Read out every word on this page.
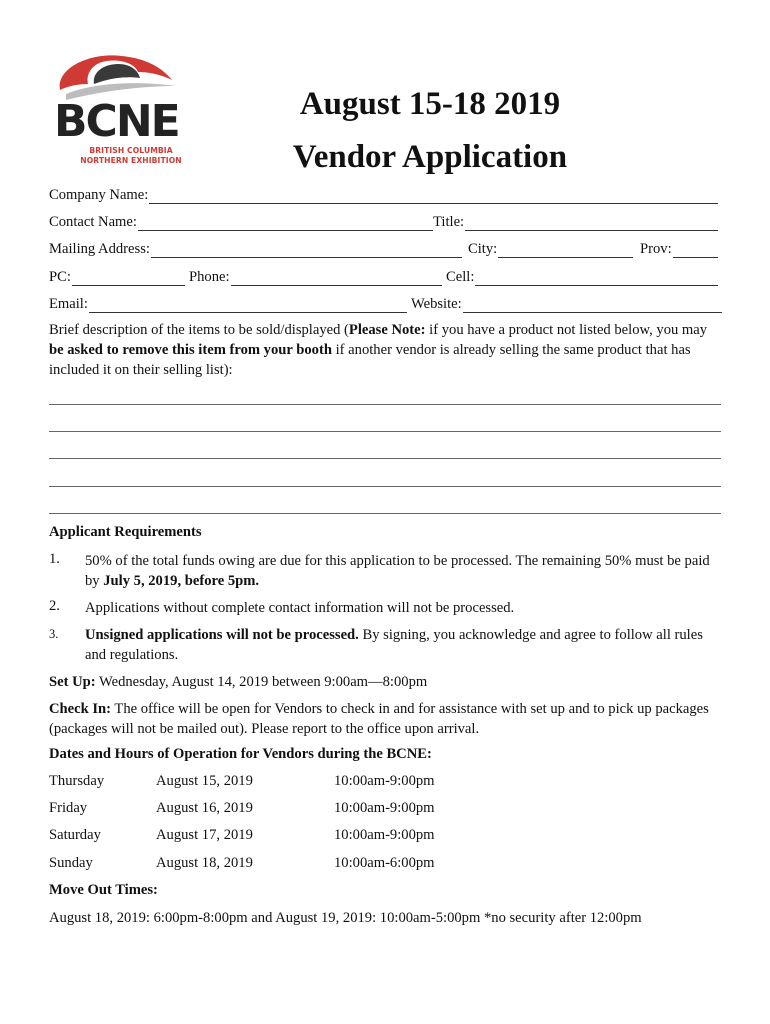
BCNE
BRITISH COLUMBIA
NORTHERN EXHIBITION
August 15-18 2019
Vendor Application
Company Name:
Contact Name:	Title:
Mailing Address:	City:	Prov:
PC:	Phone:	Cell:
Email:	Website:
Brief description of the items to be sold/displayed (Please Note: if you have a product not listed below, you may be asked to remove this item from your booth if another vendor is already selling the same product that has included it on their selling list):
Applicant Requirements
1. 50% of the total funds owing are due for this application to be processed. The remaining 50% must be paid by July 5, 2019, before 5pm.
2. Applications without complete contact information will not be processed.
3. Unsigned applications will not be processed. By signing, you acknowledge and agree to follow all rules and regulations.
Set Up: Wednesday, August 14, 2019 between 9:00am—8:00pm
Check In: The office will be open for Vendors to check in and for assistance with set up and to pick up packages (packages will not be mailed out). Please report to the office upon arrival.
Dates and Hours of Operation for Vendors during the BCNE:
Thursday	August 15, 2019	10:00am-9:00pm
Friday	August 16, 2019	10:00am-9:00pm
Saturday	August 17, 2019	10:00am-9:00pm
Sunday	August 18, 2019	10:00am-6:00pm
Move Out Times:
August 18, 2019: 6:00pm-8:00pm and August 19, 2019: 10:00am-5:00pm *no security after 12:00pm
